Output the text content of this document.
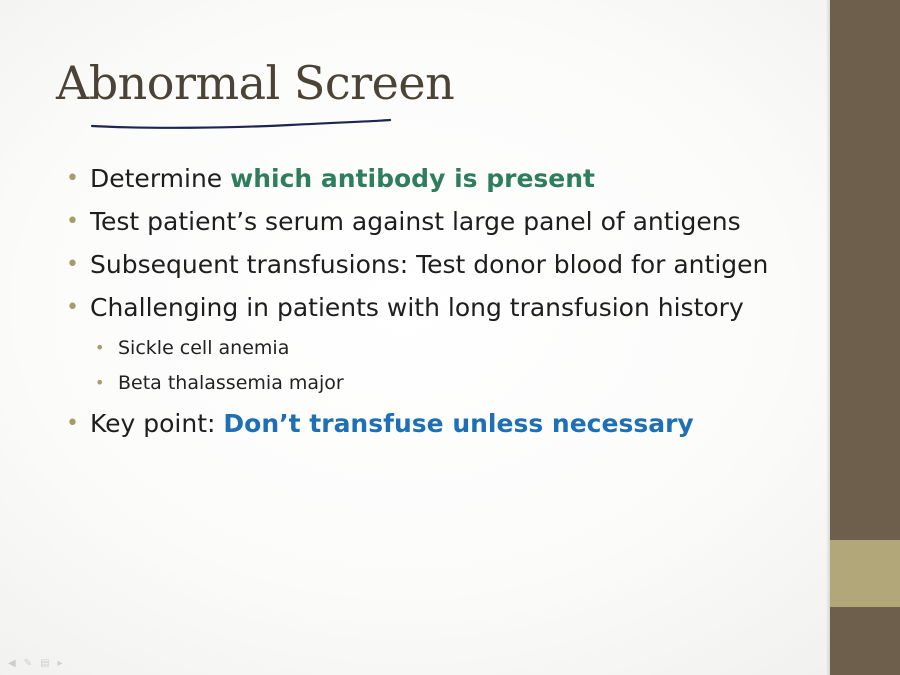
Abnormal Screen
• Determine which antibody is present
• Test patient’s serum against large panel of antigens
• Subsequent transfusions: Test donor blood for antigen
• Challenging in patients with long transfusion history
• Sickle cell anemia
• Beta thalassemia major
• Key point: Don’t transfuse unless necessary
◀ ✎ ▤ ▸
